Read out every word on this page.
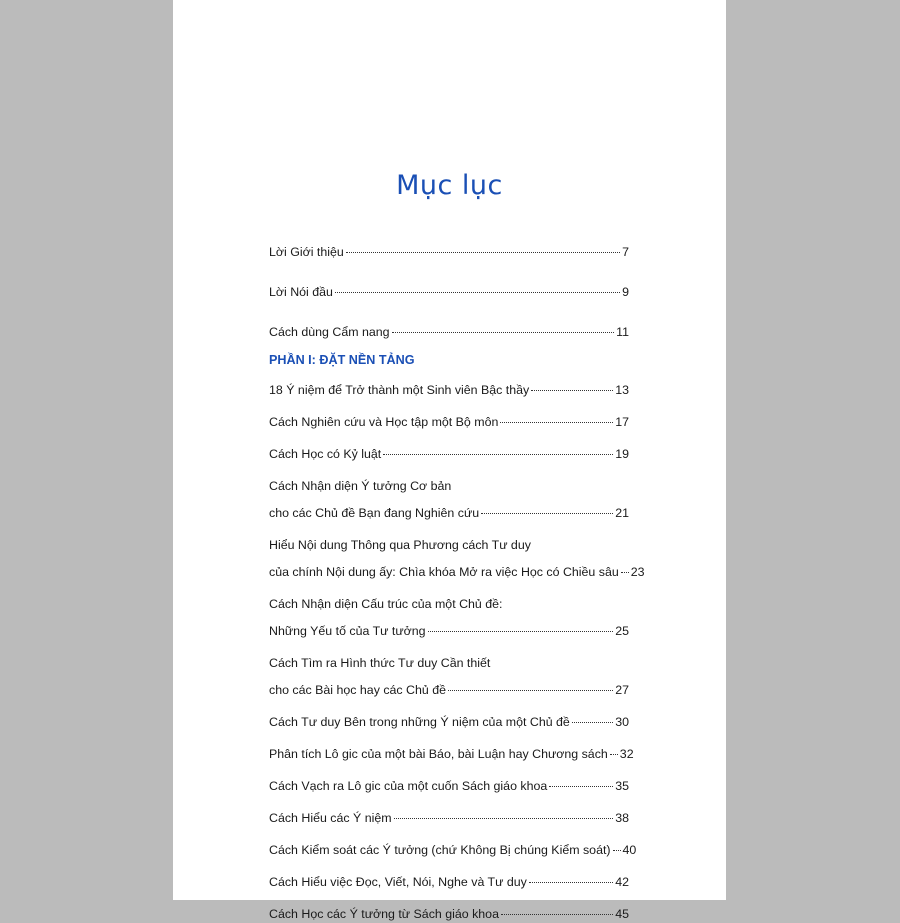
Mục lục
Lời Giới thiệu	7
Lời Nói đầu	9
Cách dùng Cẩm nang	11
PHẦN I: ĐẶT NỀN TẢNG
18 Ý niệm để Trở thành một Sinh viên Bậc thầy	13
Cách Nghiên cứu và Học tập một Bộ môn	17
Cách Học có Kỷ luật	19
Cách Nhận diện Ý tưởng Cơ bản
cho các Chủ đề Bạn đang Nghiên cứu	21
Hiểu Nội dung Thông qua Phương cách Tư duy
của chính Nội dung ấy: Chìa khóa Mở ra việc Học có Chiều sâu 23
Cách Nhận diện Cấu trúc của một Chủ đề:
Những Yếu tố của Tư tưởng	25
Cách Tìm ra Hình thức Tư duy Cần thiết
cho các Bài học hay các Chủ đề	27
Cách Tư duy Bên trong những Ý niệm của một Chủ đề	30
Phân tích Lô gic của một bài Báo, bài Luận hay Chương sách 32
Cách Vạch ra Lô gic của một cuốn Sách giáo khoa	35
Cách Hiểu các Ý niệm	38
Cách Kiểm soát các Ý tưởng (chứ Không Bị chúng Kiểm soát) 40
Cách Hiểu việc Đọc, Viết, Nói, Nghe và Tư duy	42
Cách Học các Ý tưởng từ Sách giáo khoa	45
